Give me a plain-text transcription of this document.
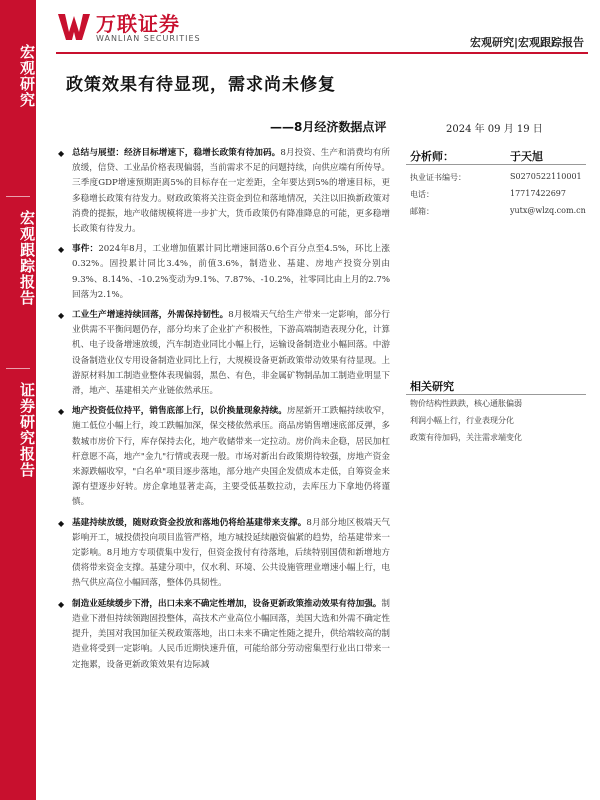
宏观研究
宏观跟踪报告
证券研究报告
万联证券
WANLIAN SECURITIES	宏观研究|宏观跟踪报告
政策效果有待显现，需求尚未修复
——8月经济数据点评	2024 年 09 月 19 日
◆ 总结与展望：经济目标增速下，稳增长政策有待加码。8月投资、生产和消费均有所放缓，信贷、工业品价格表现偏弱，当前需求不足的问题持续，向供应端有所传导。三季度GDP增速预期距离5%的目标存在一定差距，全年要达到5%的增速目标，更多稳增长政策有待发力。财政政策将关注资金到位和落地情况，关注以旧换新政策对消费的提振，地产收储规模将进一步扩大，货币政策仍有降准降息的可能，更多稳增长政策有待发力。
◆ 事件：2024年8月，工业增加值累计同比增速回落0.6个百分点至4.5%，环比上涨0.32%。固投累计同比3.4%，前值3.6%，制造业、基建、房地产投资分别由9.3%、8.14%、-10.2%变动为9.1%、7.87%、-10.2%，社零同比由上月的2.7%回落为2.1%。
◆ 工业生产增速持续回落，外需保持韧性。8月极端天气给生产带来一定影响，部分行业供需不平衡问题仍存，部分均来了企业扩产积极性，下游高端制造表现分化，计算机、电子设备增速放缓，汽车制造业同比小幅上行，运输设备制造业小幅回落。中游设备制造业仪专用设备制造业同比上行，大规模设备更新政策带动效果有待显现。上游原材料加工制造业整体表现偏弱，黑色、有色，非金属矿物制品加工制造业明显下滑，地产、基建相关产业链依然承压。
◆ 地产投资低位持平，销售底部上行，以价换量现象持续。房屋新开工跌幅持续收窄，施工低位小幅上行，竣工跌幅加深，保交楼依然承压。商品房销售增速底部反弹，多数城市房价下行，库存保持去化，地产收储带来一定拉动。房价尚未企稳，居民加杠杆意愿不高，地产"金九"行情或表现一般。市场对新出台政策期待较强，房地产资金来源跌幅收窄，"白名单"项目逐步落地，部分地产央国企发债成本走低，自筹资金来源有望逐步好转。房企拿地显著走高，主要受低基数拉动，去库压力下拿地仍将谨慎。
◆ 基建持续放缓，随财政资金投放和落地仍将给基建带来支撑。8月部分地区极端天气影响开工，城投债投向项目监管严格，地方城投延续融资偏紧的趋势，给基建带来一定影响。8月地方专项债集中发行，但资金拨付有待落地，后续特别国债和新增地方债将带来资金支撑。基建分项中，仅水利、环境、公共设施管理业增速小幅上行，电热气供应高位小幅回落，整体仍具韧性。
◆ 制造业延续缓步下滑，出口未来不确定性增加，设备更新政策推动效果有待加强。制造业下滑但持续领跑固投整体，高技术产业高位小幅回落，美国大选和外需不确定性提升，美国对我国加征关税政策落地，出口未来不确定性随之提升，供给端较高的制造业将受到一定影响。人民币近期快速升值，可能给部分劳动密集型行业出口带来一定拖累，设备更新政策效果有边际减
分析师：	于天旭
执业证书编号：	S0270522110001
电话：	17717422697
邮箱：	yutx@wlzq.com.cn
相关研究
物价结构性跌跌，核心通胀偏弱
利润小幅上行，行业表现分化
政策有待加码，关注需求端变化
